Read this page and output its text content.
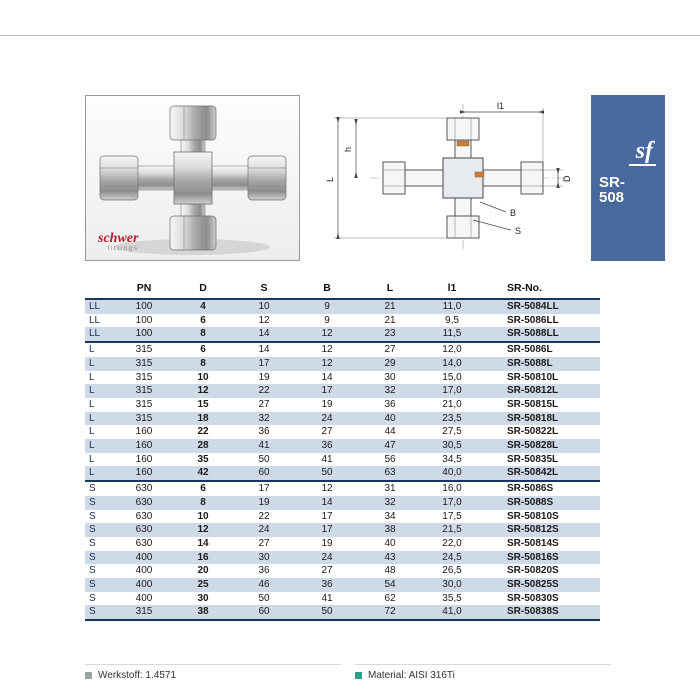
schwer
fittings
L
h
l1
D
B
S
sf
SR-
508
	PN	D	S	B	L	l1	SR-No.
LL	100	4	10	9	21	11,0	SR-5084LL
LL	100	6	12	9	21	9,5	SR-5086LL
LL	100	8	14	12	23	11,5	SR-5088LL
L	315	6	14	12	27	12,0	SR-5086L
L	315	8	17	12	29	14,0	SR-5088L
L	315	10	19	14	30	15,0	SR-50810L
L	315	12	22	17	32	17,0	SR-50812L
L	315	15	27	19	36	21,0	SR-50815L
L	315	18	32	24	40	23,5	SR-50818L
L	160	22	36	27	44	27,5	SR-50822L
L	160	28	41	36	47	30,5	SR-50828L
L	160	35	50	41	56	34,5	SR-50835L
L	160	42	60	50	63	40,0	SR-50842L
S	630	6	17	12	31	16,0	SR-5086S
S	630	8	19	14	32	17,0	SR-5088S
S	630	10	22	17	34	17,5	SR-50810S
S	630	12	24	17	38	21,5	SR-50812S
S	630	14	27	19	40	22,0	SR-50814S
S	400	16	30	24	43	24,5	SR-50816S
S	400	20	36	27	48	26,5	SR-50820S
S	400	25	46	36	54	30,0	SR-50825S
S	400	30	50	41	62	35,5	SR-50830S
S	315	38	60	50	72	41,0	SR-50838S
Werkstoff: 1.4571	Material: AISI 316Ti
